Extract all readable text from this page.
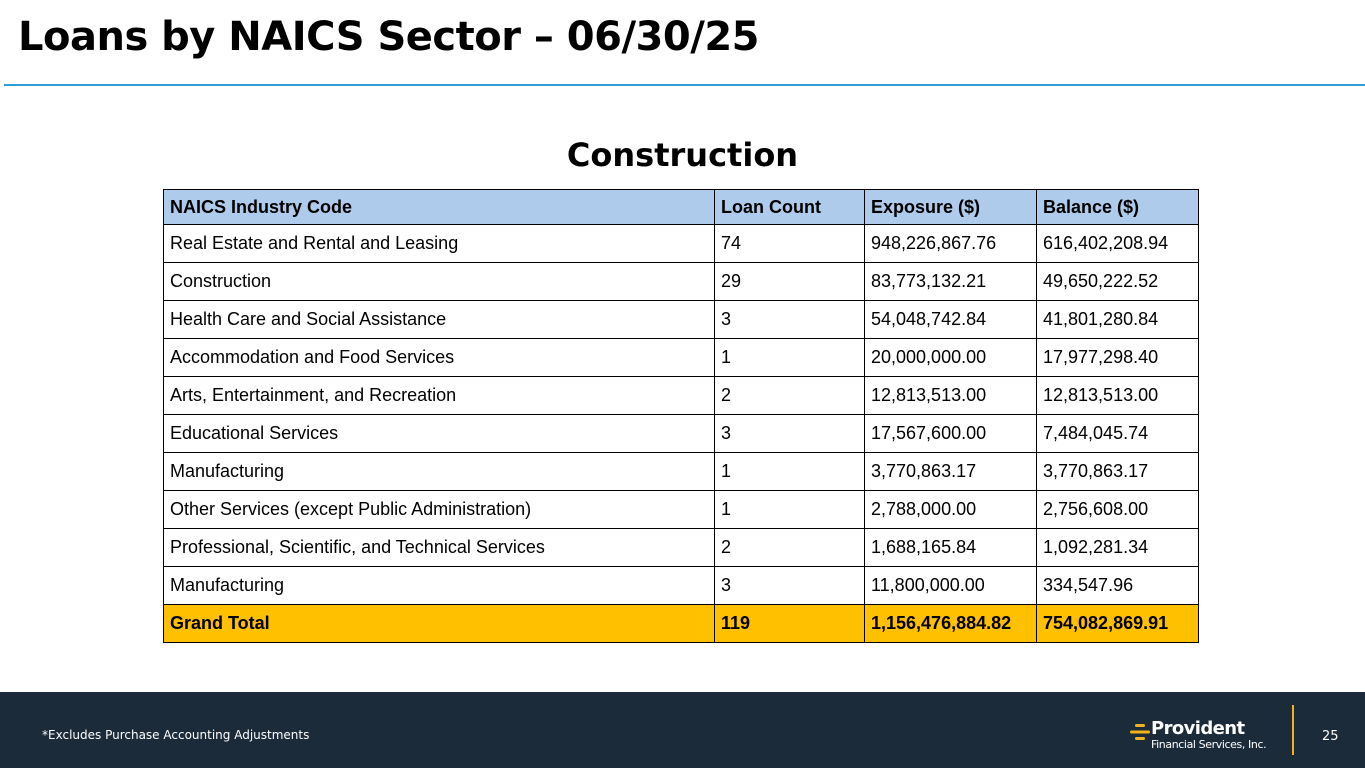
Loans by NAICS Sector – 06/30/25
Construction
NAICS Industry Code	Loan Count	Exposure ($)	Balance ($)
Real Estate and Rental and Leasing	74	948,226,867.76	616,402,208.94
Construction	29	83,773,132.21	49,650,222.52
Health Care and Social Assistance	3	54,048,742.84	41,801,280.84
Accommodation and Food Services	1	20,000,000.00	17,977,298.40
Arts, Entertainment, and Recreation	2	12,813,513.00	12,813,513.00
Educational Services	3	17,567,600.00	7,484,045.74
Manufacturing	1	3,770,863.17	3,770,863.17
Other Services (except Public Administration)	1	2,788,000.00	2,756,608.00
Professional, Scientific, and Technical Services	2	1,688,165.84	1,092,281.34
Manufacturing	3	11,800,000.00	334,547.96
Grand Total	119	1,156,476,884.82	754,082,869.91
*Excludes Purchase Accounting Adjustments	Provident
Financial Services, Inc.
25
